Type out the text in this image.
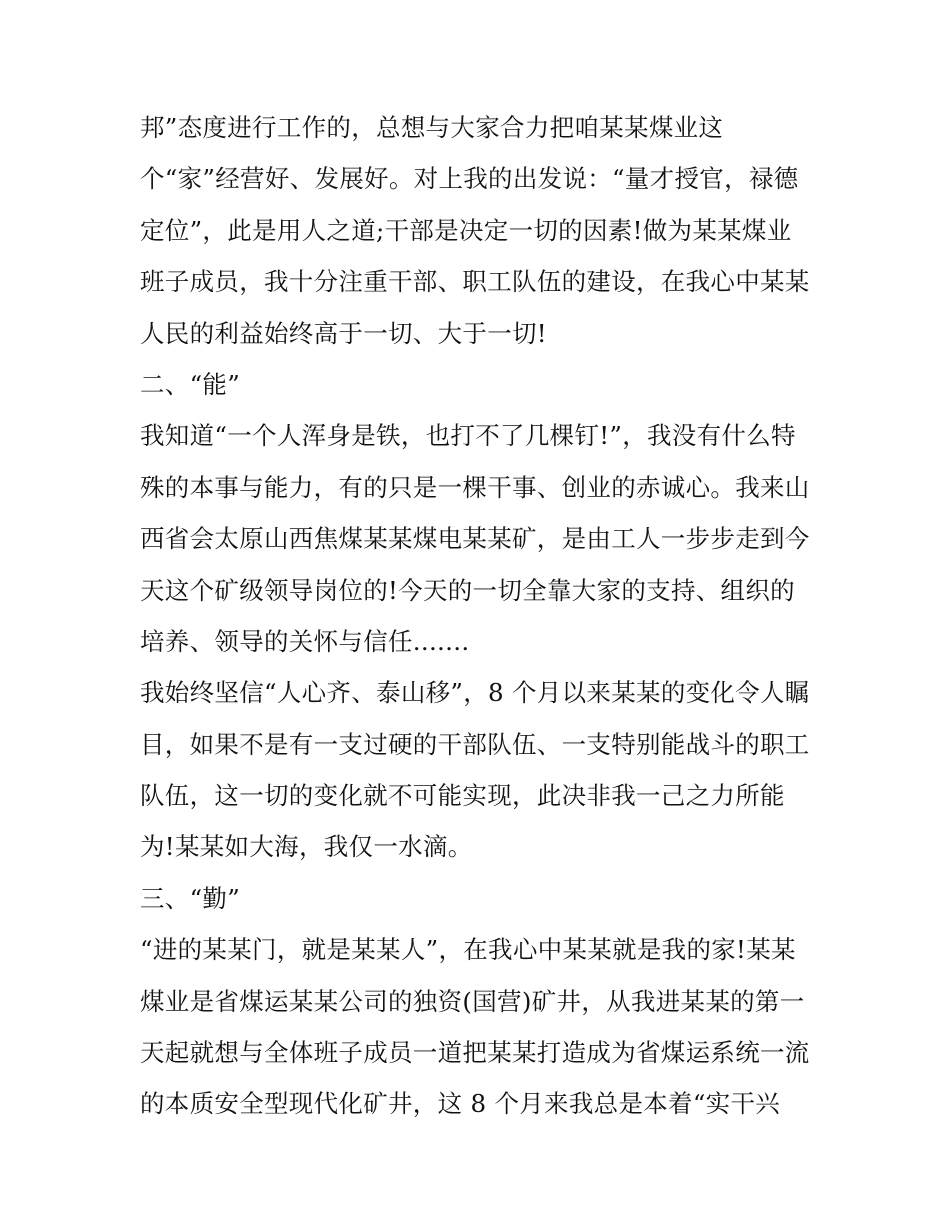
邦”态度进行工作的，总想与大家合力把咱某某煤业这
个“家”经营好、发展好。对上我的出发说：“量才授官，禄德
定位”，此是用人之道;干部是决定一切的因素!做为某某煤业
班子成员，我十分注重干部、职工队伍的建设，在我心中某某
人民的利益始终高于一切、大于一切!
二、“能”
我知道“一个人浑身是铁，也打不了几棵钉!”，我没有什么特
殊的本事与能力，有的只是一棵干事、创业的赤诚心。我来山
西省会太原山西焦煤某某煤电某某矿，是由工人一步步走到今
天这个矿级领导岗位的!今天的一切全靠大家的支持、组织的
培养、领导的关怀与信任.......
我始终坚信“人心齐、泰山移”，8 个月以来某某的变化令人瞩
目，如果不是有一支过硬的干部队伍、一支特别能战斗的职工
队伍，这一切的变化就不可能实现，此决非我一己之力所能
为!某某如大海，我仅一水滴。
三、“勤”
“进的某某门，就是某某人”，在我心中某某就是我的家!某某
煤业是省煤运某某公司的独资(国营)矿井，从我进某某的第一
天起就想与全体班子成员一道把某某打造成为省煤运系统一流
的本质安全型现代化矿井，这 8 个月来我总是本着“实干兴
